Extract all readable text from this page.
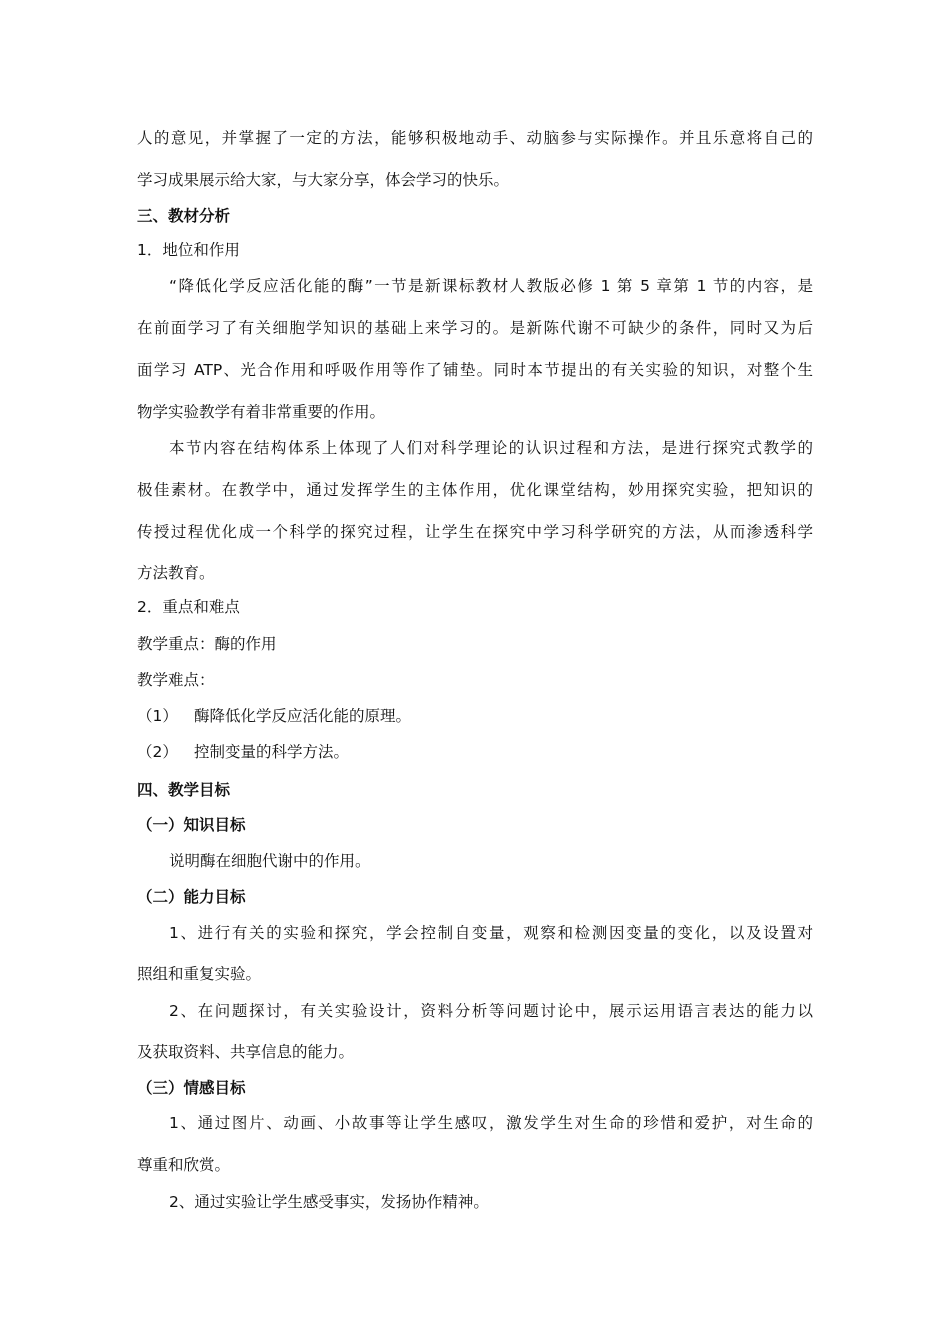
人的意见，并掌握了一定的方法，能够积极地动手、动脑参与实际操作。并且乐意将自己的
学习成果展示给大家，与大家分享，体会学习的快乐。
三、教材分析
1．地位和作用
“降低化学反应活化能的酶”一节是新课标教材人教版必修 1 第 5 章第 1 节的内容，是
在前面学习了有关细胞学知识的基础上来学习的。是新陈代谢不可缺少的条件，同时又为后
面学习 ATP、光合作用和呼吸作用等作了铺垫。同时本节提出的有关实验的知识，对整个生
物学实验教学有着非常重要的作用。
本节内容在结构体系上体现了人们对科学理论的认识过程和方法，是进行探究式教学的
极佳素材。在教学中，通过发挥学生的主体作用，优化课堂结构，妙用探究实验，把知识的
传授过程优化成一个科学的探究过程，让学生在探究中学习科学研究的方法，从而渗透科学
方法教育。
2．重点和难点
教学重点：酶的作用
教学难点：
（1） 酶降低化学反应活化能的原理。
（2） 控制变量的科学方法。
四、教学目标
（一）知识目标
说明酶在细胞代谢中的作用。
（二）能力目标
1、进行有关的实验和探究，学会控制自变量，观察和检测因变量的变化，以及设置对
照组和重复实验。
2、在问题探讨，有关实验设计，资料分析等问题讨论中，展示运用语言表达的能力以
及获取资料、共享信息的能力。
（三）情感目标
1、通过图片、动画、小故事等让学生感叹，激发学生对生命的珍惜和爱护，对生命的
尊重和欣赏。
2、通过实验让学生感受事实，发扬协作精神。
